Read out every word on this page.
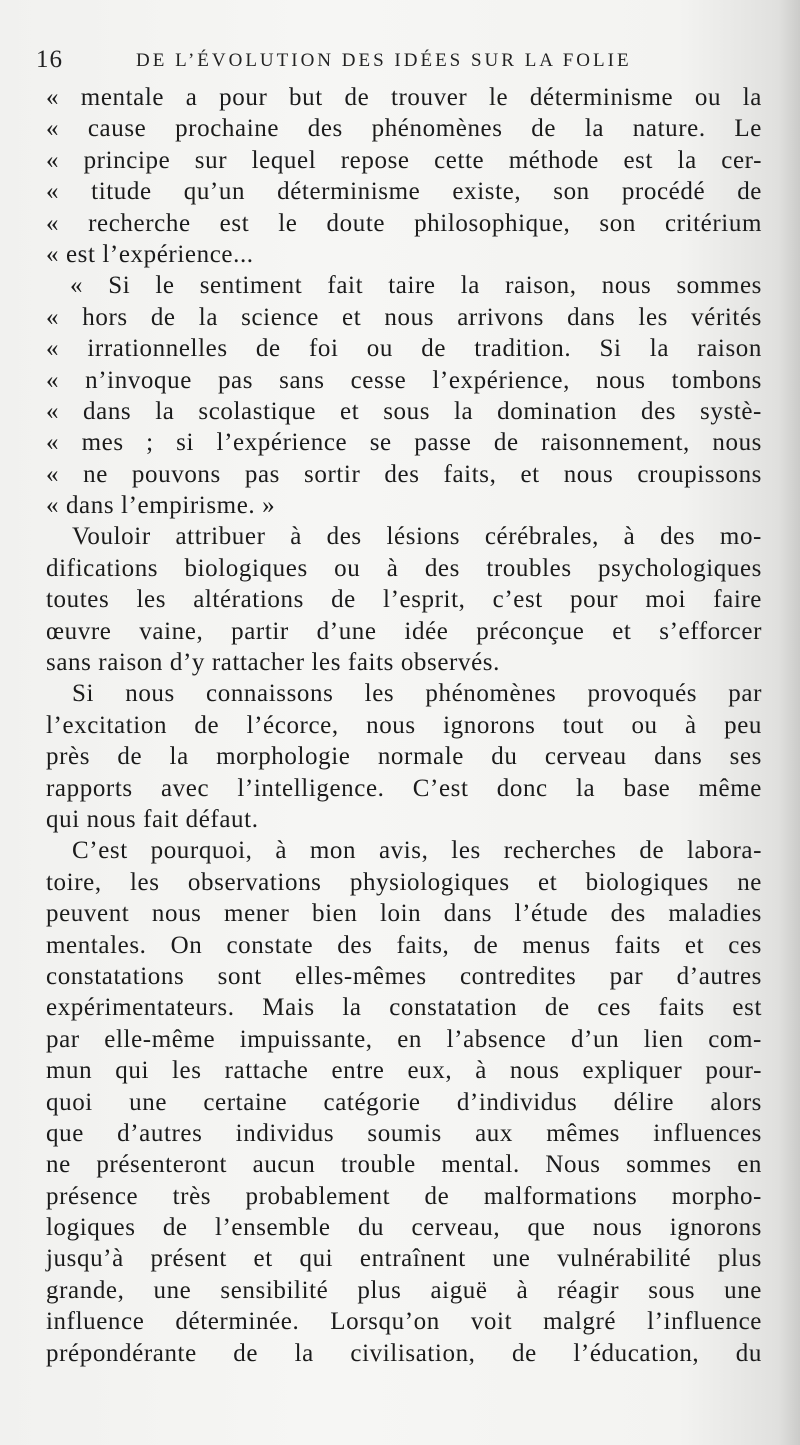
16	DE L’ÉVOLUTION DES IDÉES SUR LA FOLIE
« mentale a pour but de trouver le déterminisme ou la
« cause prochaine des phénomènes de la nature. Le
« principe sur lequel repose cette méthode est la cer-
« titude qu’un déterminisme existe, son procédé de
« recherche est le doute philosophique, son critérium
« est l’expérience...
« Si le sentiment fait taire la raison, nous sommes
« hors de la science et nous arrivons dans les vérités
« irrationnelles de foi ou de tradition. Si la raison
« n’invoque pas sans cesse l’expérience, nous tombons
« dans la scolastique et sous la domination des systè-
« mes ; si l’expérience se passe de raisonnement, nous
« ne pouvons pas sortir des faits, et nous croupissons
« dans l’empirisme. »
Vouloir attribuer à des lésions cérébrales, à des mo-
difications biologiques ou à des troubles psychologiques
toutes les altérations de l’esprit, c’est pour moi faire
œuvre vaine, partir d’une idée préconçue et s’efforcer
sans raison d’y rattacher les faits observés.
Si nous connaissons les phénomènes provoqués par
l’excitation de l’écorce, nous ignorons tout ou à peu
près de la morphologie normale du cerveau dans ses
rapports avec l’intelligence. C’est donc la base même
qui nous fait défaut.
C’est pourquoi, à mon avis, les recherches de labora-
toire, les observations physiologiques et biologiques ne
peuvent nous mener bien loin dans l’étude des maladies
mentales. On constate des faits, de menus faits et ces
constatations sont elles-mêmes contredites par d’autres
expérimentateurs. Mais la constatation de ces faits est
par elle-même impuissante, en l’absence d’un lien com-
mun qui les rattache entre eux, à nous expliquer pour-
quoi une certaine catégorie d’individus délire alors
que d’autres individus soumis aux mêmes influences
ne présenteront aucun trouble mental. Nous sommes en
présence très probablement de malformations morpho-
logiques de l’ensemble du cerveau, que nous ignorons
jusqu’à présent et qui entraînent une vulnérabilité plus
grande, une sensibilité plus aiguë à réagir sous une
influence déterminée. Lorsqu’on voit malgré l’influence
prépondérante de la civilisation, de l’éducation, du
